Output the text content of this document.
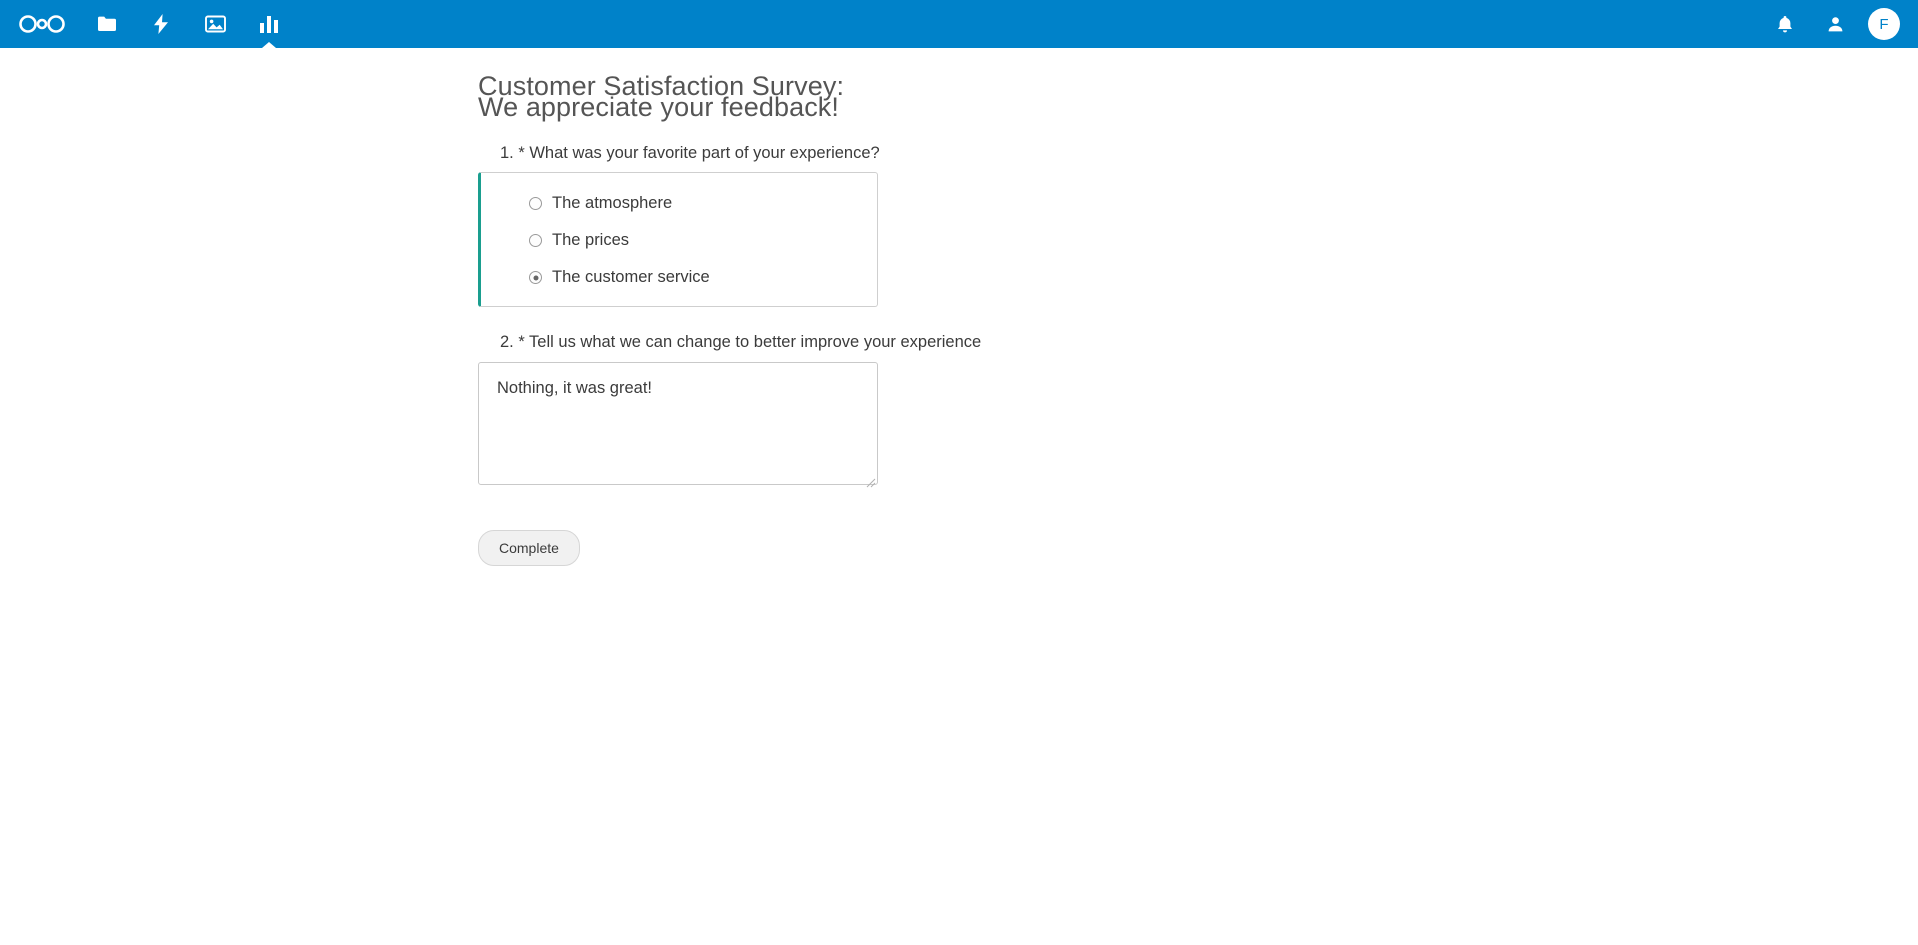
F
Customer Satisfaction Survey: We appreciate your feedback!
1. * What was your favorite part of your experience?
The atmosphere
The prices
The customer service
2. * Tell us what we can change to better improve your experience
Nothing, it was great!
Complete
